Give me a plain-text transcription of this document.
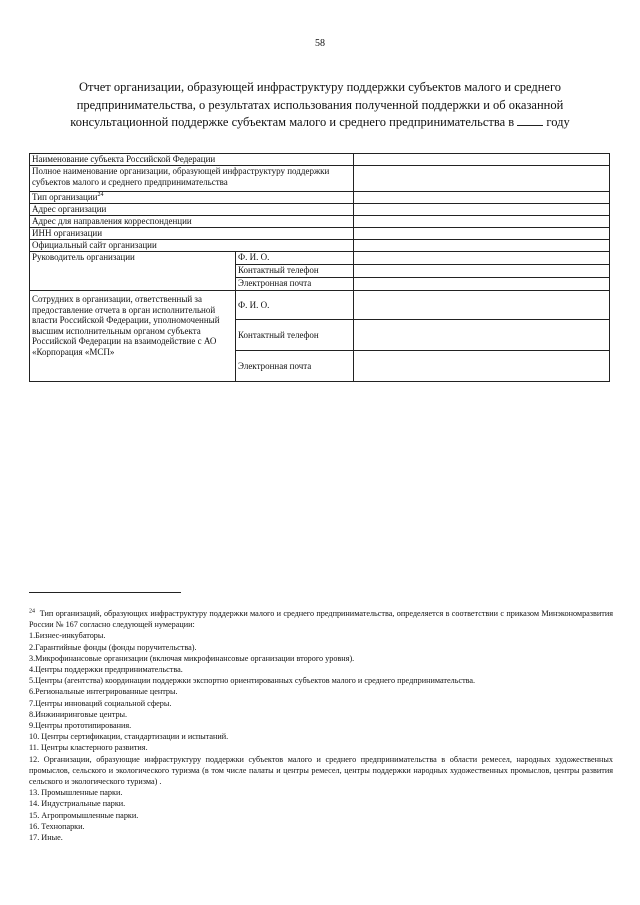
58
Отчет организации, образующей инфраструктуру поддержки субъектов малого и среднего
предпринимательства, о результатах использования полученной поддержки и об оказанной
консультационной поддержке субъектам малого и среднего предпринимательства в	году
Наименование субъекта Российской Федерации		
Полное наименование организации, образующей инфраструктуру поддержки субъектов малого и среднего предпринимательства		
Тип организации$^{24}$	
Адрес организации		
Адрес для направления корреспонденции		
ИНН организации		
Официальный сайт организации		
Руководитель организации	Ф. И. О.	
	Контактный телефон	
	Электронная почта	
Сотрудних в организации, ответственный за предоставление отчета в орган исполнительной власти Российской Федерации, уполномоченный высшим исполнительным органом субъекта Российской Федерации на взаимодействие с АО «Корпорация «МСП»	Ф. И. О.	
	Контактный телефон	
	Электронная почта	
$^{24}$ Тип организаций, образующих инфраструктуру поддержки малого и среднего предпринимательства, определяется в соответствии с приказом Минэкономразвития России № 167 согласно следующей нумерации:
1.Бизнес-инкубаторы.
2.Гарантийные фонды (фонды поручительства).
3.Микрофинансовые организации (включая микрофинансовые организации второго уровня).
4.Центры поддержки предпринимательства.
5.Центры (агентства) координации поддержки экспортно ориентированных субъектов малого и среднего предпринимательства.
6.Региональные интегрированные центры.
7.Центры инноваций социальной сферы.
8.Инжиниринговые центры.
9.Центры прототипирования.
10. Центры сертификации, стандартизации и испытаний.
11. Центры кластерного развития.
12. Организации, образующие инфраструктуру поддержки субъектов малого и среднего предпринимательства в области ремесел, народных художественных промыслов, сельского и экологического туризма (в том числе палаты и центры ремесел, центры поддержки народных художественных промыслов, центры развития сельского и экологического туризма) .
13. Промышленные парки.
14. Индустриальные парки.
15. Агропромышленные парки.
16. Технопарки.
17. Иные.
